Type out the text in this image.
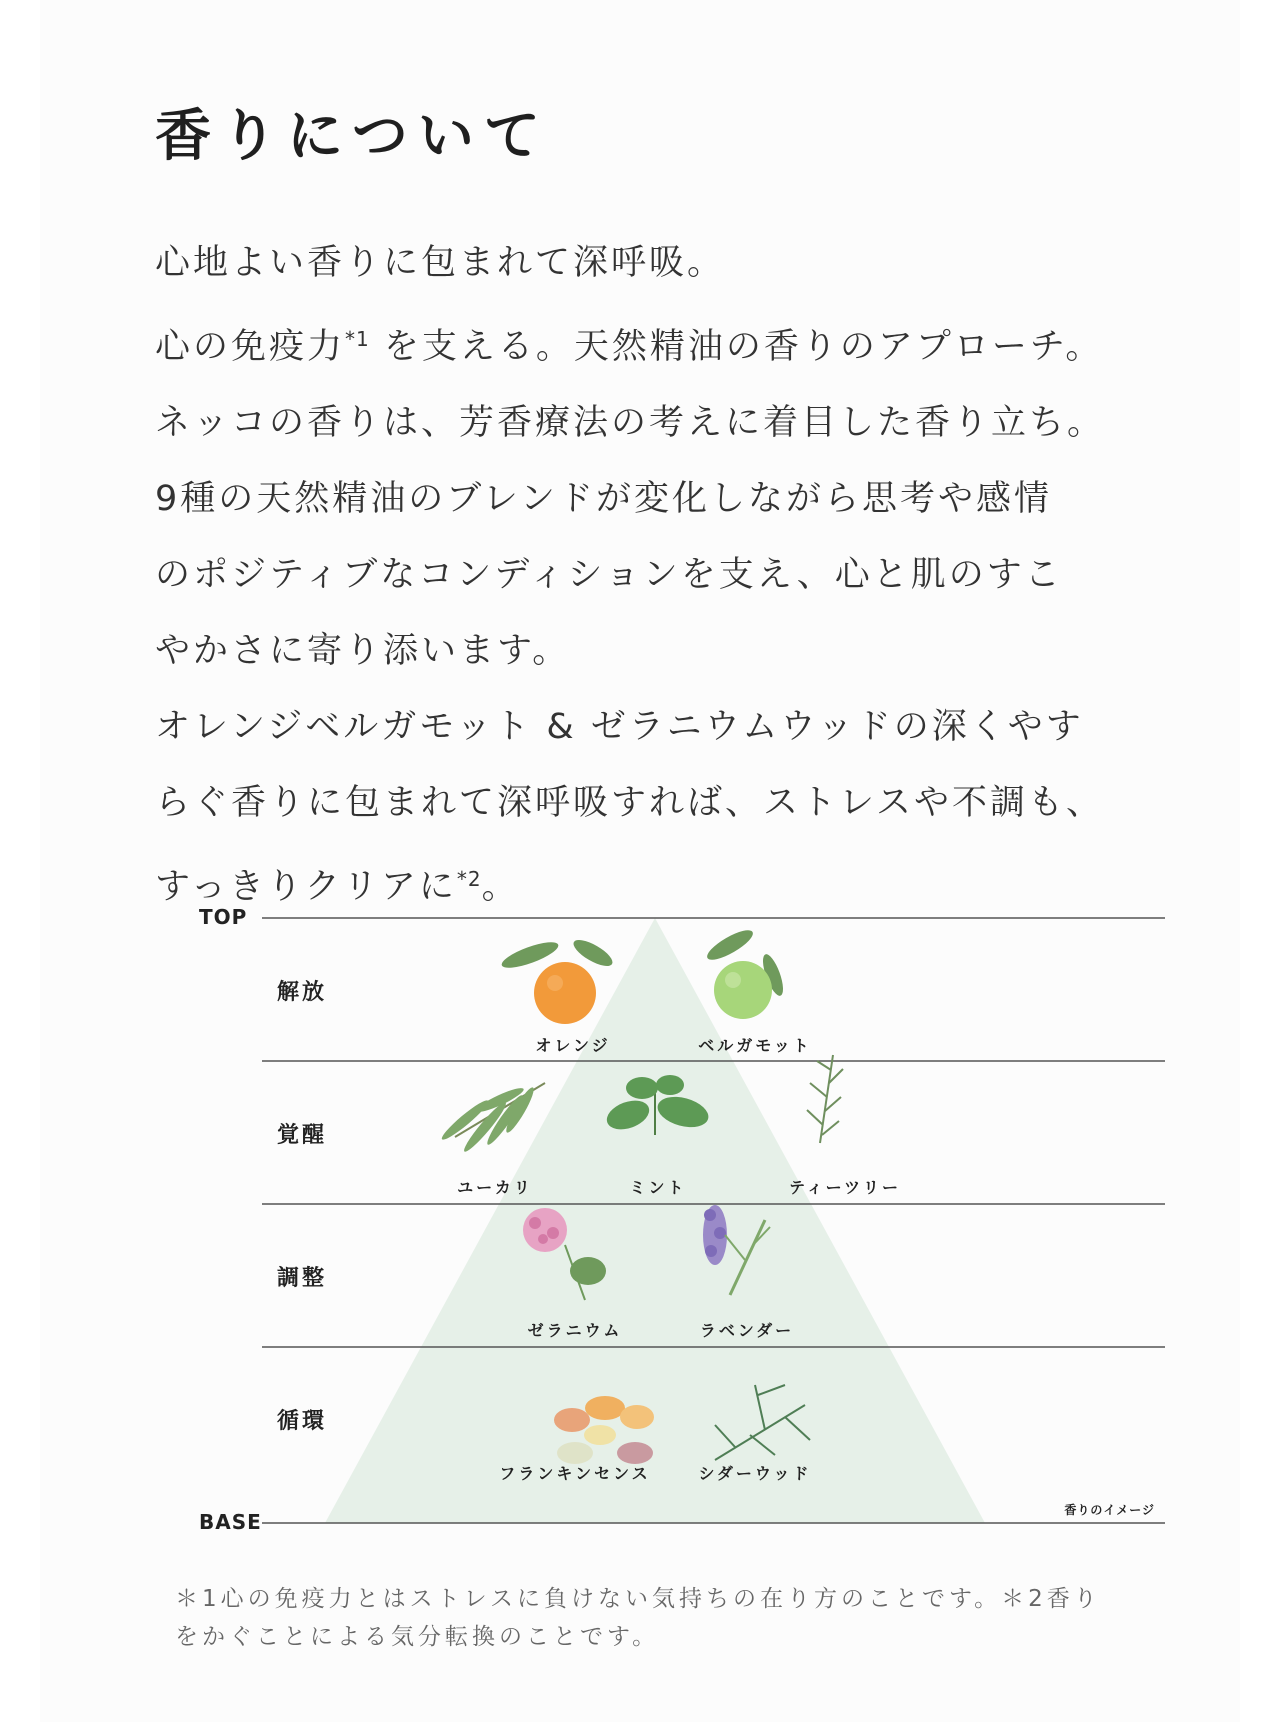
香りについて
心地よい香りに包まれて深呼吸。
心の免疫力$^{*1}$ を支える。天然精油の香りのアプローチ。
ネッコの香りは、芳香療法の考えに着目した香り立ち。
9種の天然精油のブレンドが変化しながら思考や感情
のポジティブなコンディションを支え、心と肌のすこ
やかさに寄り添います。
オレンジベルガモット & ゼラニウムウッドの深くやす
らぐ香りに包まれて深呼吸すれば、ストレスや不調も、
すっきりクリアに$^{*2}$。
TOP
BASE
解放
覚醒
調整
循環
オレンジ	ベルガモット
ユーカリ	ミント	ティーツリー
ゼラニウム	ラベンダー
フランキンセンス	シダーウッド
香りのイメージ
＊1心の免疫力とはストレスに負けない気持ちの在り方のことです。＊2香りをかぐことによる気分転換のことです。
